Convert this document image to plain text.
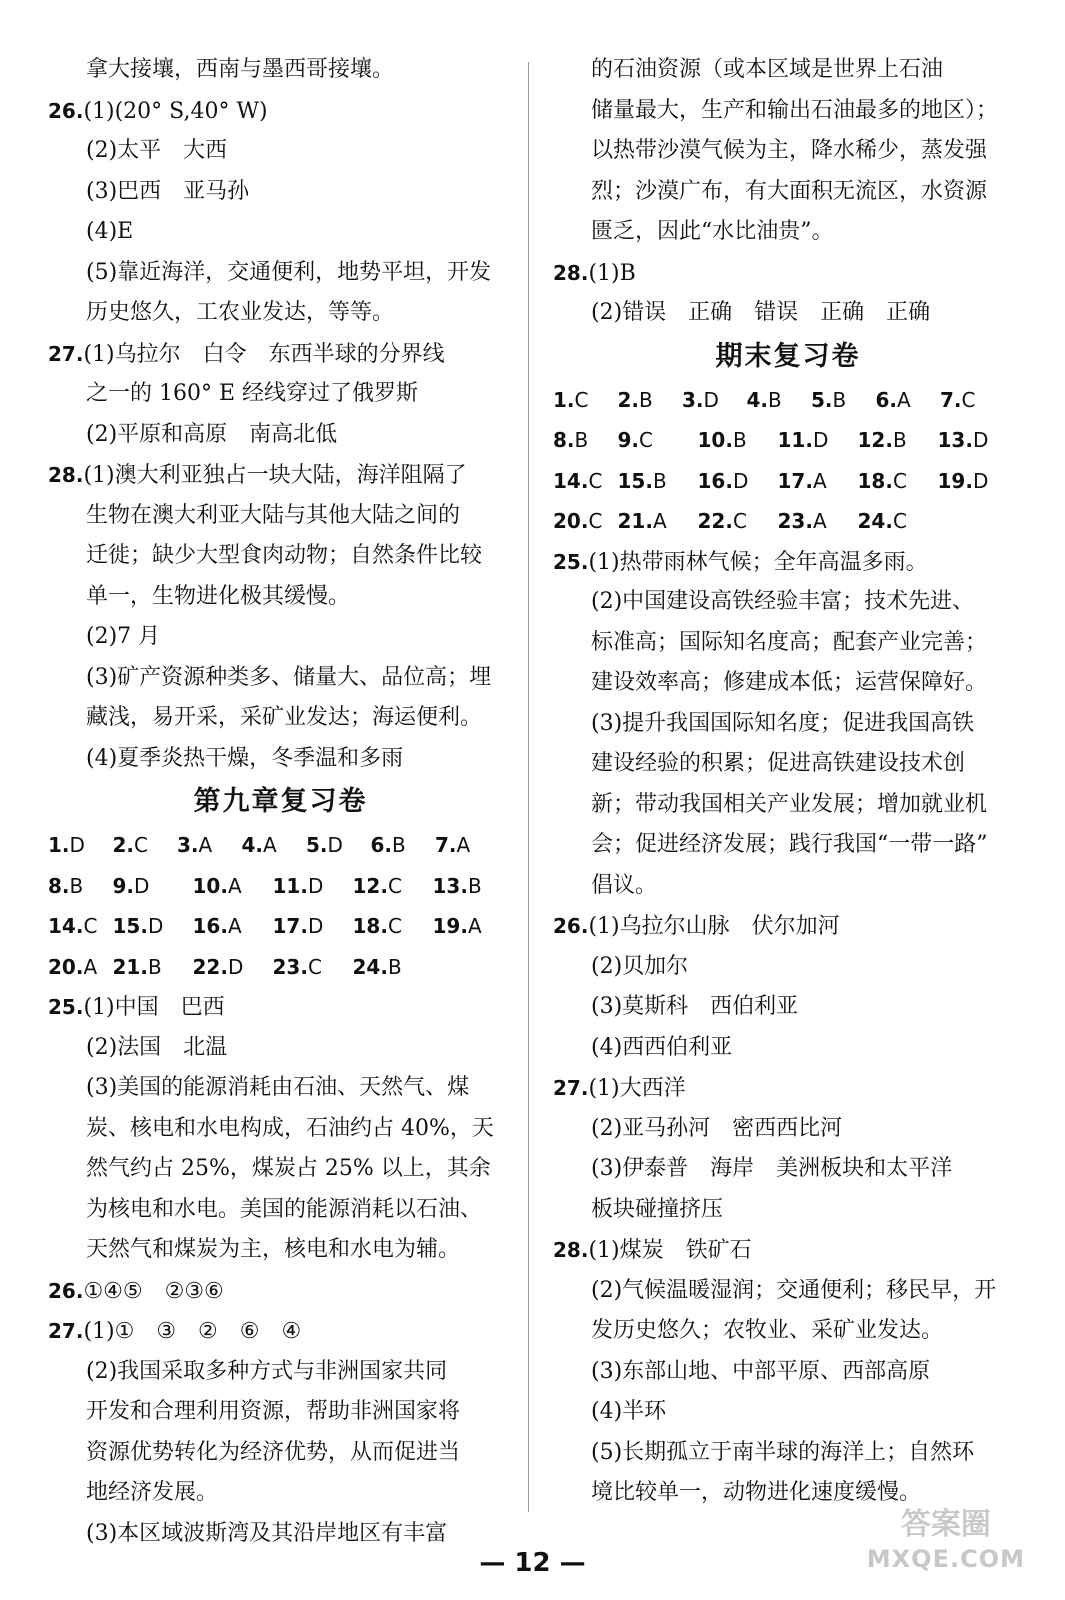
拿大接壤，西南与墨西哥接壤。
26.(1)(20° S,40° W)
(2)太平　大西
(3)巴西　亚马孙
(4)E
(5)靠近海洋，交通便利，地势平坦，开发
历史悠久，工农业发达，等等。
27.(1)乌拉尔　白令　东西半球的分界线
之一的 160° E 经线穿过了俄罗斯
(2)平原和高原　南高北低
28.(1)澳大利亚独占一块大陆，海洋阻隔了
生物在澳大利亚大陆与其他大陆之间的
迁徙；缺少大型食肉动物；自然条件比较
单一，生物进化极其缓慢。
(2)7 月
(3)矿产资源种类多、储量大、品位高；埋
藏浅，易开采，采矿业发达；海运便利。
(4)夏季炎热干燥，冬季温和多雨
第九章复习卷
1.D 2.C 3.A 4.A 5.D 6.B 7.A
8.B 9.D 10.A 11.D 12.C 13.B
14.C 15.D 16.A 17.D 18.C 19.A
20.A 21.B 22.D 23.C 24.B
25.(1)中国　巴西
(2)法国　北温
(3)美国的能源消耗由石油、天然气、煤
炭、核电和水电构成，石油约占 40%，天
然气约占 25%，煤炭占 25% 以上，其余
为核电和水电。美国的能源消耗以石油、
天然气和煤炭为主，核电和水电为辅。
26.①④⑤　②③⑥
27.(1)①　③　②　⑥　④
(2)我国采取多种方式与非洲国家共同
开发和合理利用资源，帮助非洲国家将
资源优势转化为经济优势，从而促进当
地经济发展。
(3)本区域波斯湾及其沿岸地区有丰富
的石油资源（或本区域是世界上石油
储量最大，生产和输出石油最多的地区）；
以热带沙漠气候为主，降水稀少，蒸发强
烈；沙漠广布，有大面积无流区，水资源
匮乏，因此“水比油贵”。
28.(1)B
(2)错误　正确　错误　正确　正确
期末复习卷
1.C 2.B 3.D 4.B 5.B 6.A 7.C
8.B 9.C 10.B 11.D 12.B 13.D
14.C 15.B 16.D 17.A 18.C 19.D
20.C 21.A 22.C 23.A 24.C
25.(1)热带雨林气候；全年高温多雨。
(2)中国建设高铁经验丰富；技术先进、
标准高；国际知名度高；配套产业完善；
建设效率高；修建成本低；运营保障好。
(3)提升我国国际知名度；促进我国高铁
建设经验的积累；促进高铁建设技术创
新；带动我国相关产业发展；增加就业机
会；促进经济发展；践行我国“一带一路”
倡议。
26.(1)乌拉尔山脉　伏尔加河
(2)贝加尔
(3)莫斯科　西伯利亚
(4)西西伯利亚
27.(1)大西洋
(2)亚马孙河　密西西比河
(3)伊泰普　海岸　美洲板块和太平洋
板块碰撞挤压
28.(1)煤炭　铁矿石
(2)气候温暖湿润；交通便利；移民早，开
发历史悠久；农牧业、采矿业发达。
(3)东部山地、中部平原、西部高原
(4)半环
(5)长期孤立于南半球的海洋上；自然环
境比较单一，动物进化速度缓慢。
— 12 —
答案圈
MXQE.COM
